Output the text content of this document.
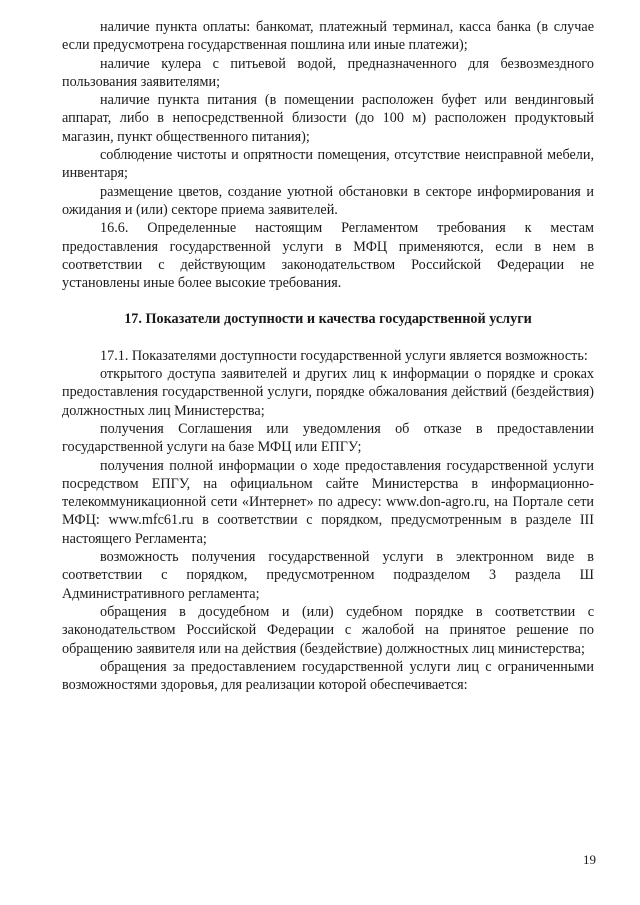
наличие пункта оплаты: банкомат, платежный терминал, касса банка (в случае если предусмотрена государственная пошлина или иные платежи);

наличие кулера с питьевой водой, предназначенного для безвозмездного пользования заявителями;

наличие пункта питания (в помещении расположен буфет или вендинговый аппарат, либо в непосредственной близости (до 100 м) расположен продуктовый магазин, пункт общественного питания);

соблюдение чистоты и опрятности помещения, отсутствие неисправной мебели, инвентаря;

размещение цветов, создание уютной обстановки в секторе информирования и ожидания и (или) секторе приема заявителей.

16.6. Определенные настоящим Регламентом требования к местам предоставления государственной услуги в МФЦ применяются, если в нем в соответствии с действующим законодательством Российской Федерации не установлены иные более высокие требования.

17. Показатели доступности и качества государственной услуги

17.1. Показателями доступности государственной услуги является возможность:

открытого доступа заявителей и других лиц к информации о порядке и сроках предоставления государственной услуги, порядке обжалования действий (бездействия) должностных лиц Министерства;

получения Соглашения или уведомления об отказе в предоставлении государственной услуги на базе МФЦ или ЕПГУ;

получения полной информации о ходе предоставления государственной услуги посредством ЕПГУ, на официальном сайте Министерства в информационно-телекоммуникационной сети «Интернет» по адресу: www.don-agro.ru, на Портале сети МФЦ: www.mfc61.ru в соответствии с порядком, предусмотренным в разделе III настоящего Регламента;

возможность получения государственной услуги в электронном виде в соответствии с порядком, предусмотренном подразделом 3 раздела Ш Административного регламента;

обращения в досудебном и (или) судебном порядке в соответствии с законодательством Российской Федерации с жалобой на принятое решение по обращению заявителя или на действия (бездействие) должностных лиц министерства;

обращения за предоставлением государственной услуги лиц с ограниченными возможностями здоровья, для реализации которой обеспечивается:

19
